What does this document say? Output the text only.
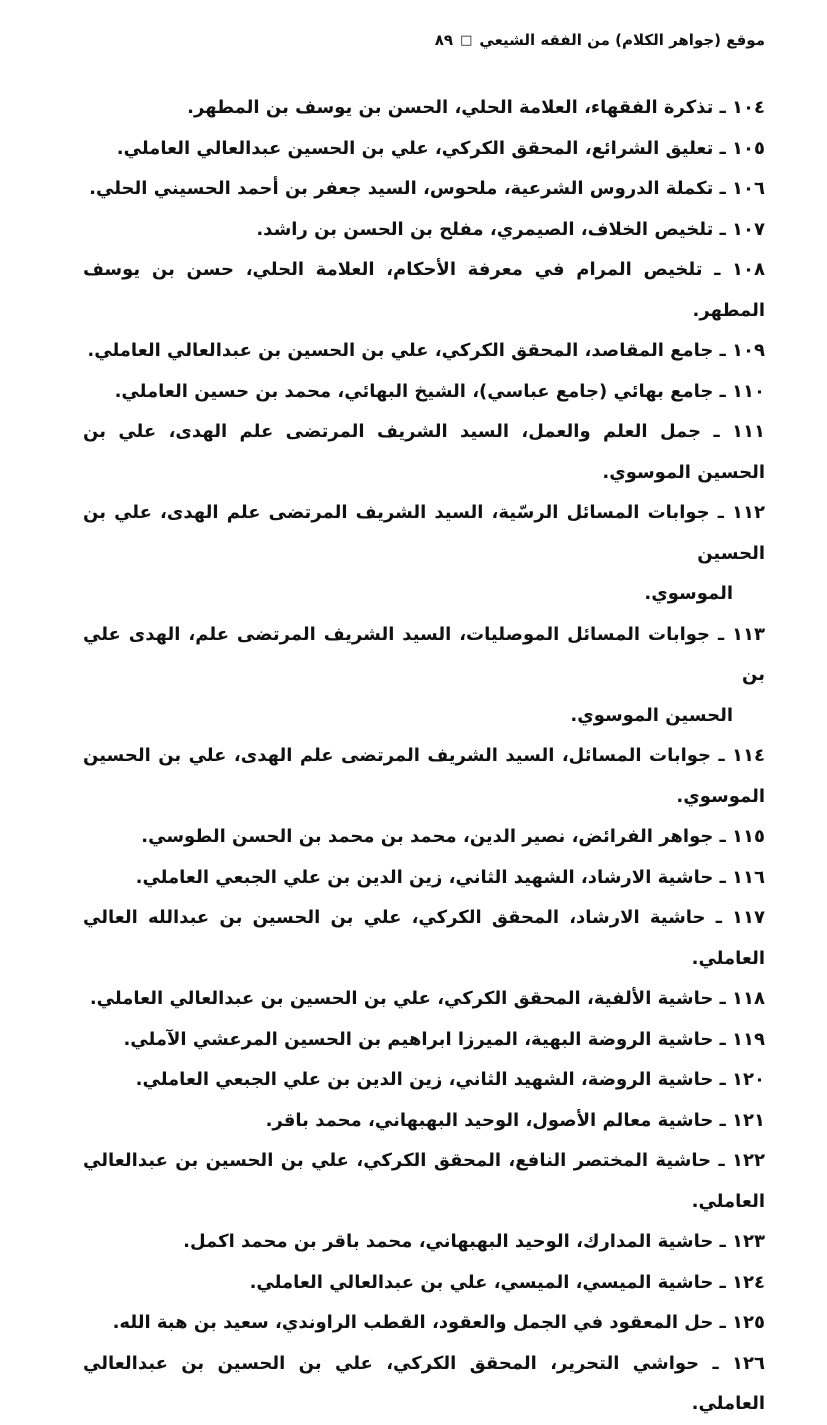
موقع (جواهر الكلام) من الفقه الشيعي
□
٨٩
١٠٤ ـ تذكرة الفقهاء، العلامة الحلي، الحسن بن يوسف بن المطهر.
١٠٥ ـ تعليق الشرائع، المحقق الكركي، علي بن الحسين عبدالعالي العاملي.
١٠٦ ـ تكملة الدروس الشرعية، ملحوس، السيد جعفر بن أحمد الحسيني الحلي.
١٠٧ ـ تلخيص الخلاف، الصيمري، مفلح بن الحسن بن راشد.
١٠٨ ـ تلخيص المرام في معرفة الأحكام، العلامة الحلي، حسن بن يوسف المطهر.
١٠٩ ـ جامع المقاصد، المحقق الكركي، علي بن الحسين بن عبدالعالي العاملي.
١١٠ ـ جامع بهائي (جامع عباسي)، الشيخ البهائي، محمد بن حسين العاملي.
١١١ ـ جمل العلم والعمل، السيد الشريف المرتضى علم الهدى، علي بن الحسين الموسوي.
١١٢ ـ جوابات المسائل الرسّية، السيد الشريف المرتضى علم الهدى، علي بن الحسين
الموسوي.
١١٣ ـ جوابات المسائل الموصليات، السيد الشريف المرتضى علم، الهدى علي بن
الحسين الموسوي.
١١٤ ـ جوابات المسائل، السيد الشريف المرتضى علم الهدى، علي بن الحسين الموسوي.
١١٥ ـ جواهر الفرائض، نصير الدين، محمد بن محمد بن الحسن الطوسي.
١١٦ ـ حاشية الارشاد، الشهيد الثاني، زين الدين بن علي الجبعي العاملي.
١١٧ ـ حاشية الارشاد، المحقق الكركي، علي بن الحسين بن عبدالله العالي العاملي.
١١٨ ـ حاشية الألفية، المحقق الكركي، علي بن الحسين بن عبدالعالي العاملي.
١١٩ ـ حاشية الروضة البهية، الميرزا ابراهيم بن الحسين المرعشي الآملي.
١٢٠ ـ حاشية الروضة، الشهيد الثاني، زين الدين بن علي الجبعي العاملي.
١٢١ ـ حاشية معالم الأصول، الوحيد البهبهاني، محمد باقر.
١٢٢ ـ حاشية المختصر النافع، المحقق الكركي، علي بن الحسين بن عبدالعالي العاملي.
١٢٣ ـ حاشية المدارك، الوحيد البهبهاني، محمد باقر بن محمد اكمل.
١٢٤ ـ حاشية الميسي، الميسي، علي بن عبدالعالي العاملي.
١٢٥ ـ حل المعقود في الجمل والعقود، القطب الراوندي، سعيد بن هبة الله.
١٢٦ ـ حواشي التحرير، المحقق الكركي، علي بن الحسين بن عبدالعالي العاملي.
